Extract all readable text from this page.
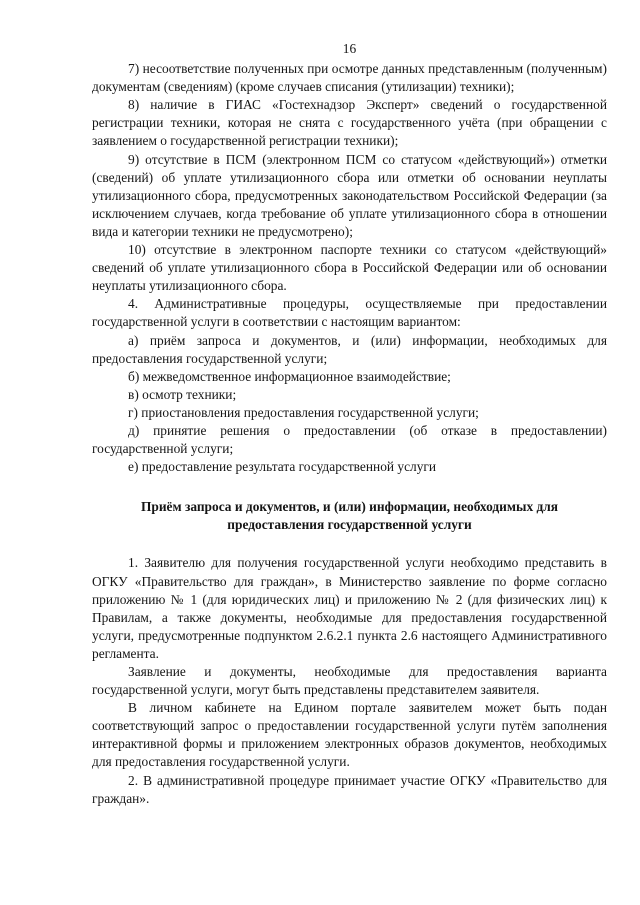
16

7) несоответствие полученных при осмотре данных представленным (полученным) документам (сведениям) (кроме случаев списания (утилизации) техники);

8) наличие в ГИАС «Гостехнадзор Эксперт» сведений о государственной регистрации техники, которая не снята с государственного учёта (при обращении с заявлением о государственной регистрации техники);

9) отсутствие в ПСМ (электронном ПСМ со статусом «действующий») отметки (сведений) об уплате утилизационного сбора или отметки об основании неуплаты утилизационного сбора, предусмотренных законодательством Российской Федерации (за исключением случаев, когда требование об уплате утилизационного сбора в отношении вида и категории техники не предусмотрено);

10) отсутствие в электронном паспорте техники со статусом «действующий» сведений об уплате утилизационного сбора в Российской Федерации или об основании неуплаты утилизационного сбора.

4. Административные процедуры, осуществляемые при предоставлении государственной услуги в соответствии с настоящим вариантом:

а) приём запроса и документов, и (или) информации, необходимых для предоставления государственной услуги;

б) межведомственное информационное взаимодействие;

в) осмотр техники;

г) приостановления предоставления государственной услуги;

д) принятие решения о предоставлении (об отказе в предоставлении) государственной услуги;

е) предоставление результата государственной услуги

Приём запроса и документов, и (или) информации, необходимых для предоставления государственной услуги

1. Заявителю для получения государственной услуги необходимо представить в ОГКУ «Правительство для граждан», в Министерство заявление по форме согласно приложению № 1 (для юридических лиц) и приложению № 2 (для физических лиц) к Правилам, а также документы, необходимые для предоставления государственной услуги, предусмотренные подпунктом 2.6.2.1 пункта 2.6 настоящего Административного регламента.

Заявление и документы, необходимые для предоставления варианта государственной услуги, могут быть представлены представителем заявителя.

В личном кабинете на Едином портале заявителем может быть подан соответствующий запрос о предоставлении государственной услуги путём заполнения интерактивной формы и приложением электронных образов документов, необходимых для предоставления государственной услуги.

2. В административной процедуре принимает участие ОГКУ «Правительство для граждан».
